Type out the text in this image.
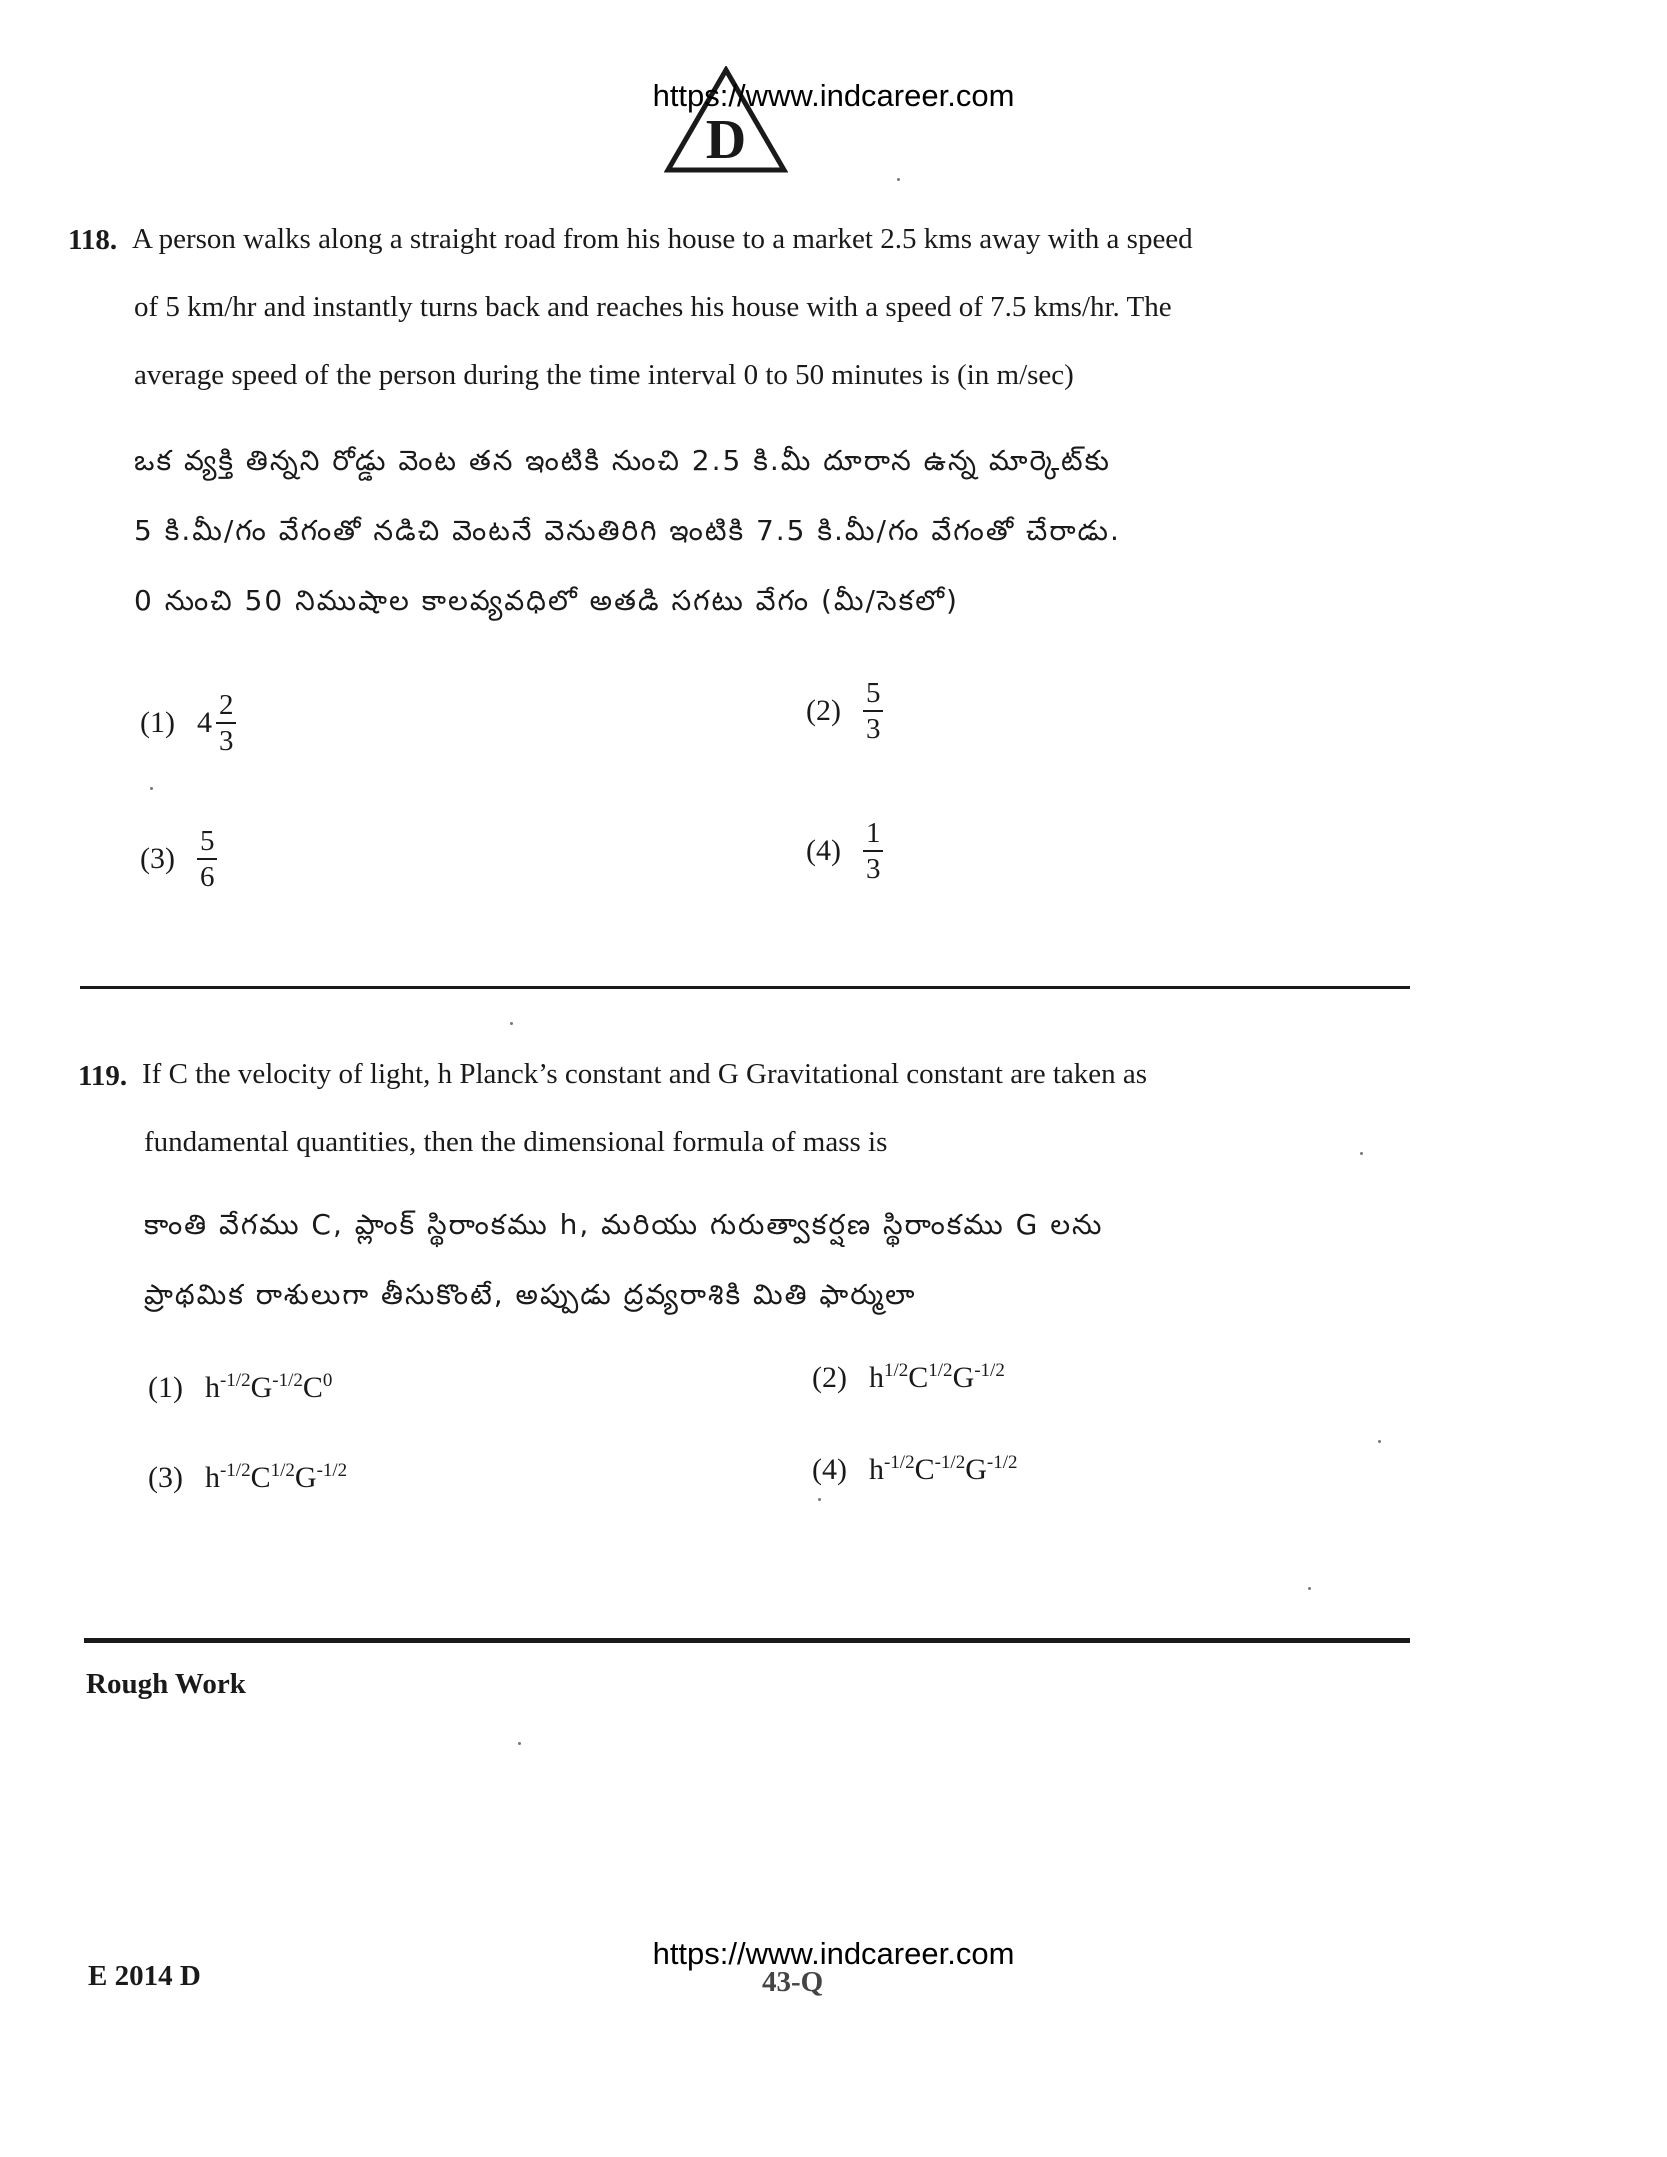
https://www.indcareer.com
D
118. A person walks along a straight road from his house to a market 2.5 kms away with a speed
of 5 km/hr and instantly turns back and reaches his house with a speed of 7.5 kms/hr. The
average speed of the person during the time interval 0 to 50 minutes is (in m/sec)
ఒక వ్యక్తి తిన్నని రోడ్డు వెంట తన ఇంటికి నుంచి 2.5 కి.మీ దూరాన ఉన్న మార్కెట్‌కు
5 కి.మీ/గం వేగంతో నడిచి వెంటనే వెనుతిరిగి ఇంటికి 7.5 కి.మీ/గం వేగంతో చేరాడు.
0 నుంచి 50 నిముషాల కాలవ్యవధిలో అతడి సగటు వేగం (మీ/సెకలో)
(1) $4 \frac{2}{3}$	$(2) \frac{5}{3}$
$(3) \frac{5}{6}$	$(4) \frac{1}{3}$
119. If C the velocity of light, h Planck’s constant and G Gravitational constant are taken as
fundamental quantities, then the dimensional formula of mass is
కాంతి వేగము C, ప్లాంక్ స్థిరాంకము h, మరియు గురుత్వాకర్షణ స్థిరాంకము G లను
ప్రాథమిక రాశులుగా తీసుకొంటే, అప్పుడు ద్రవ్యరాశికి మితి ఫార్ములా
(1) $h^{-1/2}G^{-1/2}C^0$	(2) $h^{1/2}C^{1/2}G^{-1/2}$
(3) $h^{-1/2}C^{1/2}G^{-1/2}$	(4) $h^{-1/2}C^{-1/2}G^{-1/2}$
Rough Work
E 2014 D	43-Q
https://www.indcareer.com
